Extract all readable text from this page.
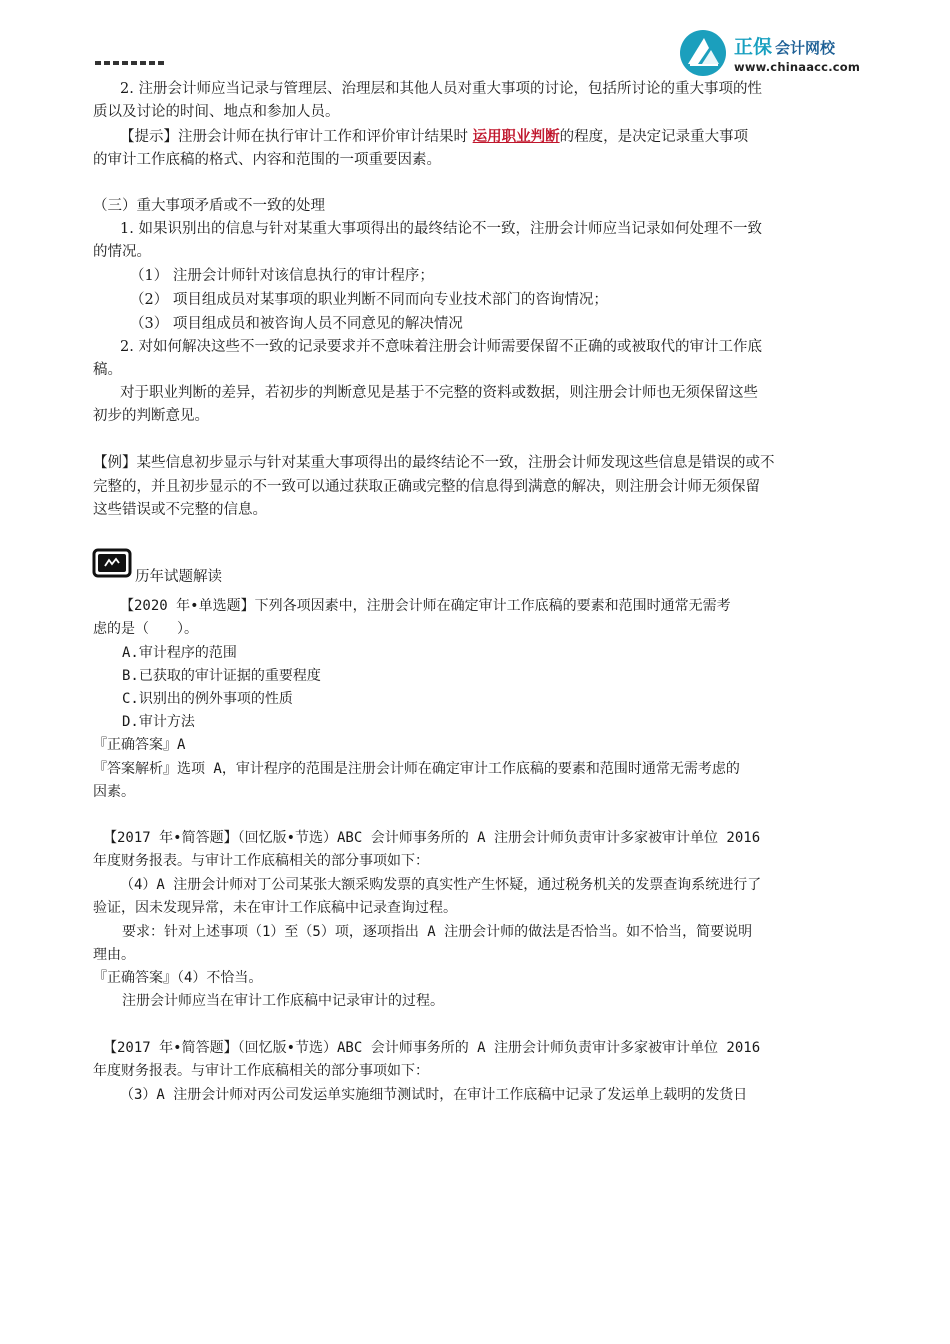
正保 会计网校
www.chinaacc.com
2. 注册会计师应当记录与管理层、治理层和其他人员对重大事项的讨论，包括所讨论的重大事项的性
质以及讨论的时间、地点和参加人员。
【提示】注册会计师在执行审计工作和评价审计结果时 运用职业判断的程度，是决定记录重大事项
的审计工作底稿的格式、内容和范围的一项重要因素。
（三）重大事项矛盾或不一致的处理
1. 如果识别出的信息与针对某重大事项得出的最终结论不一致，注册会计师应当记录如何处理不一致
的情况。
（1） 注册会计师针对该信息执行的审计程序；
（2） 项目组成员对某事项的职业判断不同而向专业技术部门的咨询情况；
（3） 项目组成员和被咨询人员不同意见的解决情况
2. 对如何解决这些不一致的记录要求并不意味着注册会计师需要保留不正确的或被取代的审计工作底
稿。
对于职业判断的差异，若初步的判断意见是基于不完整的资料或数据，则注册会计师也无须保留这些
初步的判断意见。
【例】某些信息初步显示与针对某重大事项得出的最终结论不一致，注册会计师发现这些信息是错误的或不
完整的，并且初步显示的不一致可以通过获取正确或完整的信息得到满意的解决，则注册会计师无须保留
这些错误或不完整的信息。
历年试题解读
【2020 年•单选题】下列各项因素中，注册会计师在确定审计工作底稿的要素和范围时通常无需考
虑的是（　　）。
A.审计程序的范围
B.已获取的审计证据的重要程度
C.识别出的例外事项的性质
D.审计方法
『正确答案』A
『答案解析』选项 A，审计程序的范围是注册会计师在确定审计工作底稿的要素和范围时通常无需考虑的
因素。
【2017 年•简答题】（回忆版•节选）ABC 会计师事务所的 A 注册会计师负责审计多家被审计单位 2016
年度财务报表。与审计工作底稿相关的部分事项如下：
（4）A 注册会计师对丁公司某张大额采购发票的真实性产生怀疑，通过税务机关的发票查询系统进行了
验证，因未发现异常，未在审计工作底稿中记录查询过程。
要求：针对上述事项（1）至（5）项，逐项指出 A 注册会计师的做法是否恰当。如不恰当，简要说明
理由。
『正确答案』（4）不恰当。
注册会计师应当在审计工作底稿中记录审计的过程。
【2017 年•简答题】（回忆版•节选）ABC 会计师事务所的 A 注册会计师负责审计多家被审计单位 2016
年度财务报表。与审计工作底稿相关的部分事项如下：
（3）A 注册会计师对丙公司发运单实施细节测试时，在审计工作底稿中记录了发运单上载明的发货日
